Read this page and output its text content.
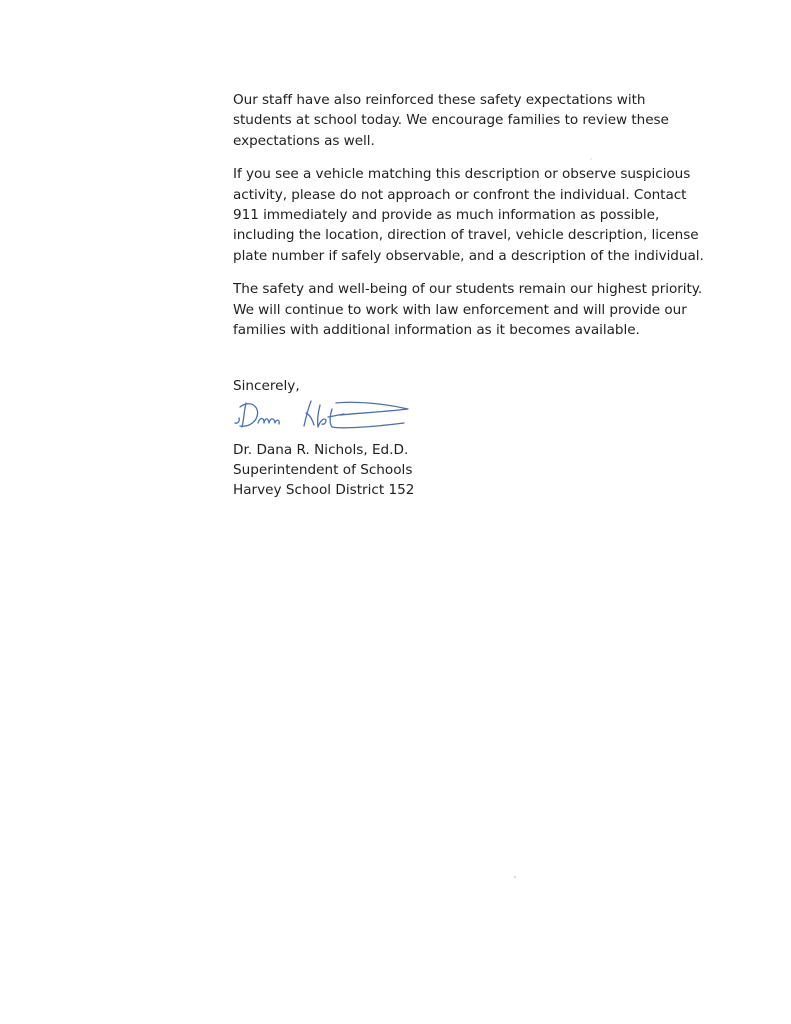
Our staff have also reinforced these safety expectations with students at school today. We encourage families to review these expectations as well.

If you see a vehicle matching this description or observe suspicious activity, please do not approach or confront the individual. Contact 911 immediately and provide as much information as possible, including the location, direction of travel, vehicle description, license plate number if safely observable, and a description of the individual.

The safety and well-being of our students remain our highest priority. We will continue to work with law enforcement and will provide our families with additional information as it becomes available.

Sincerely,

Dr. Dana R. Nichols, Ed.D.
Superintendent of Schools
Harvey School District 152
